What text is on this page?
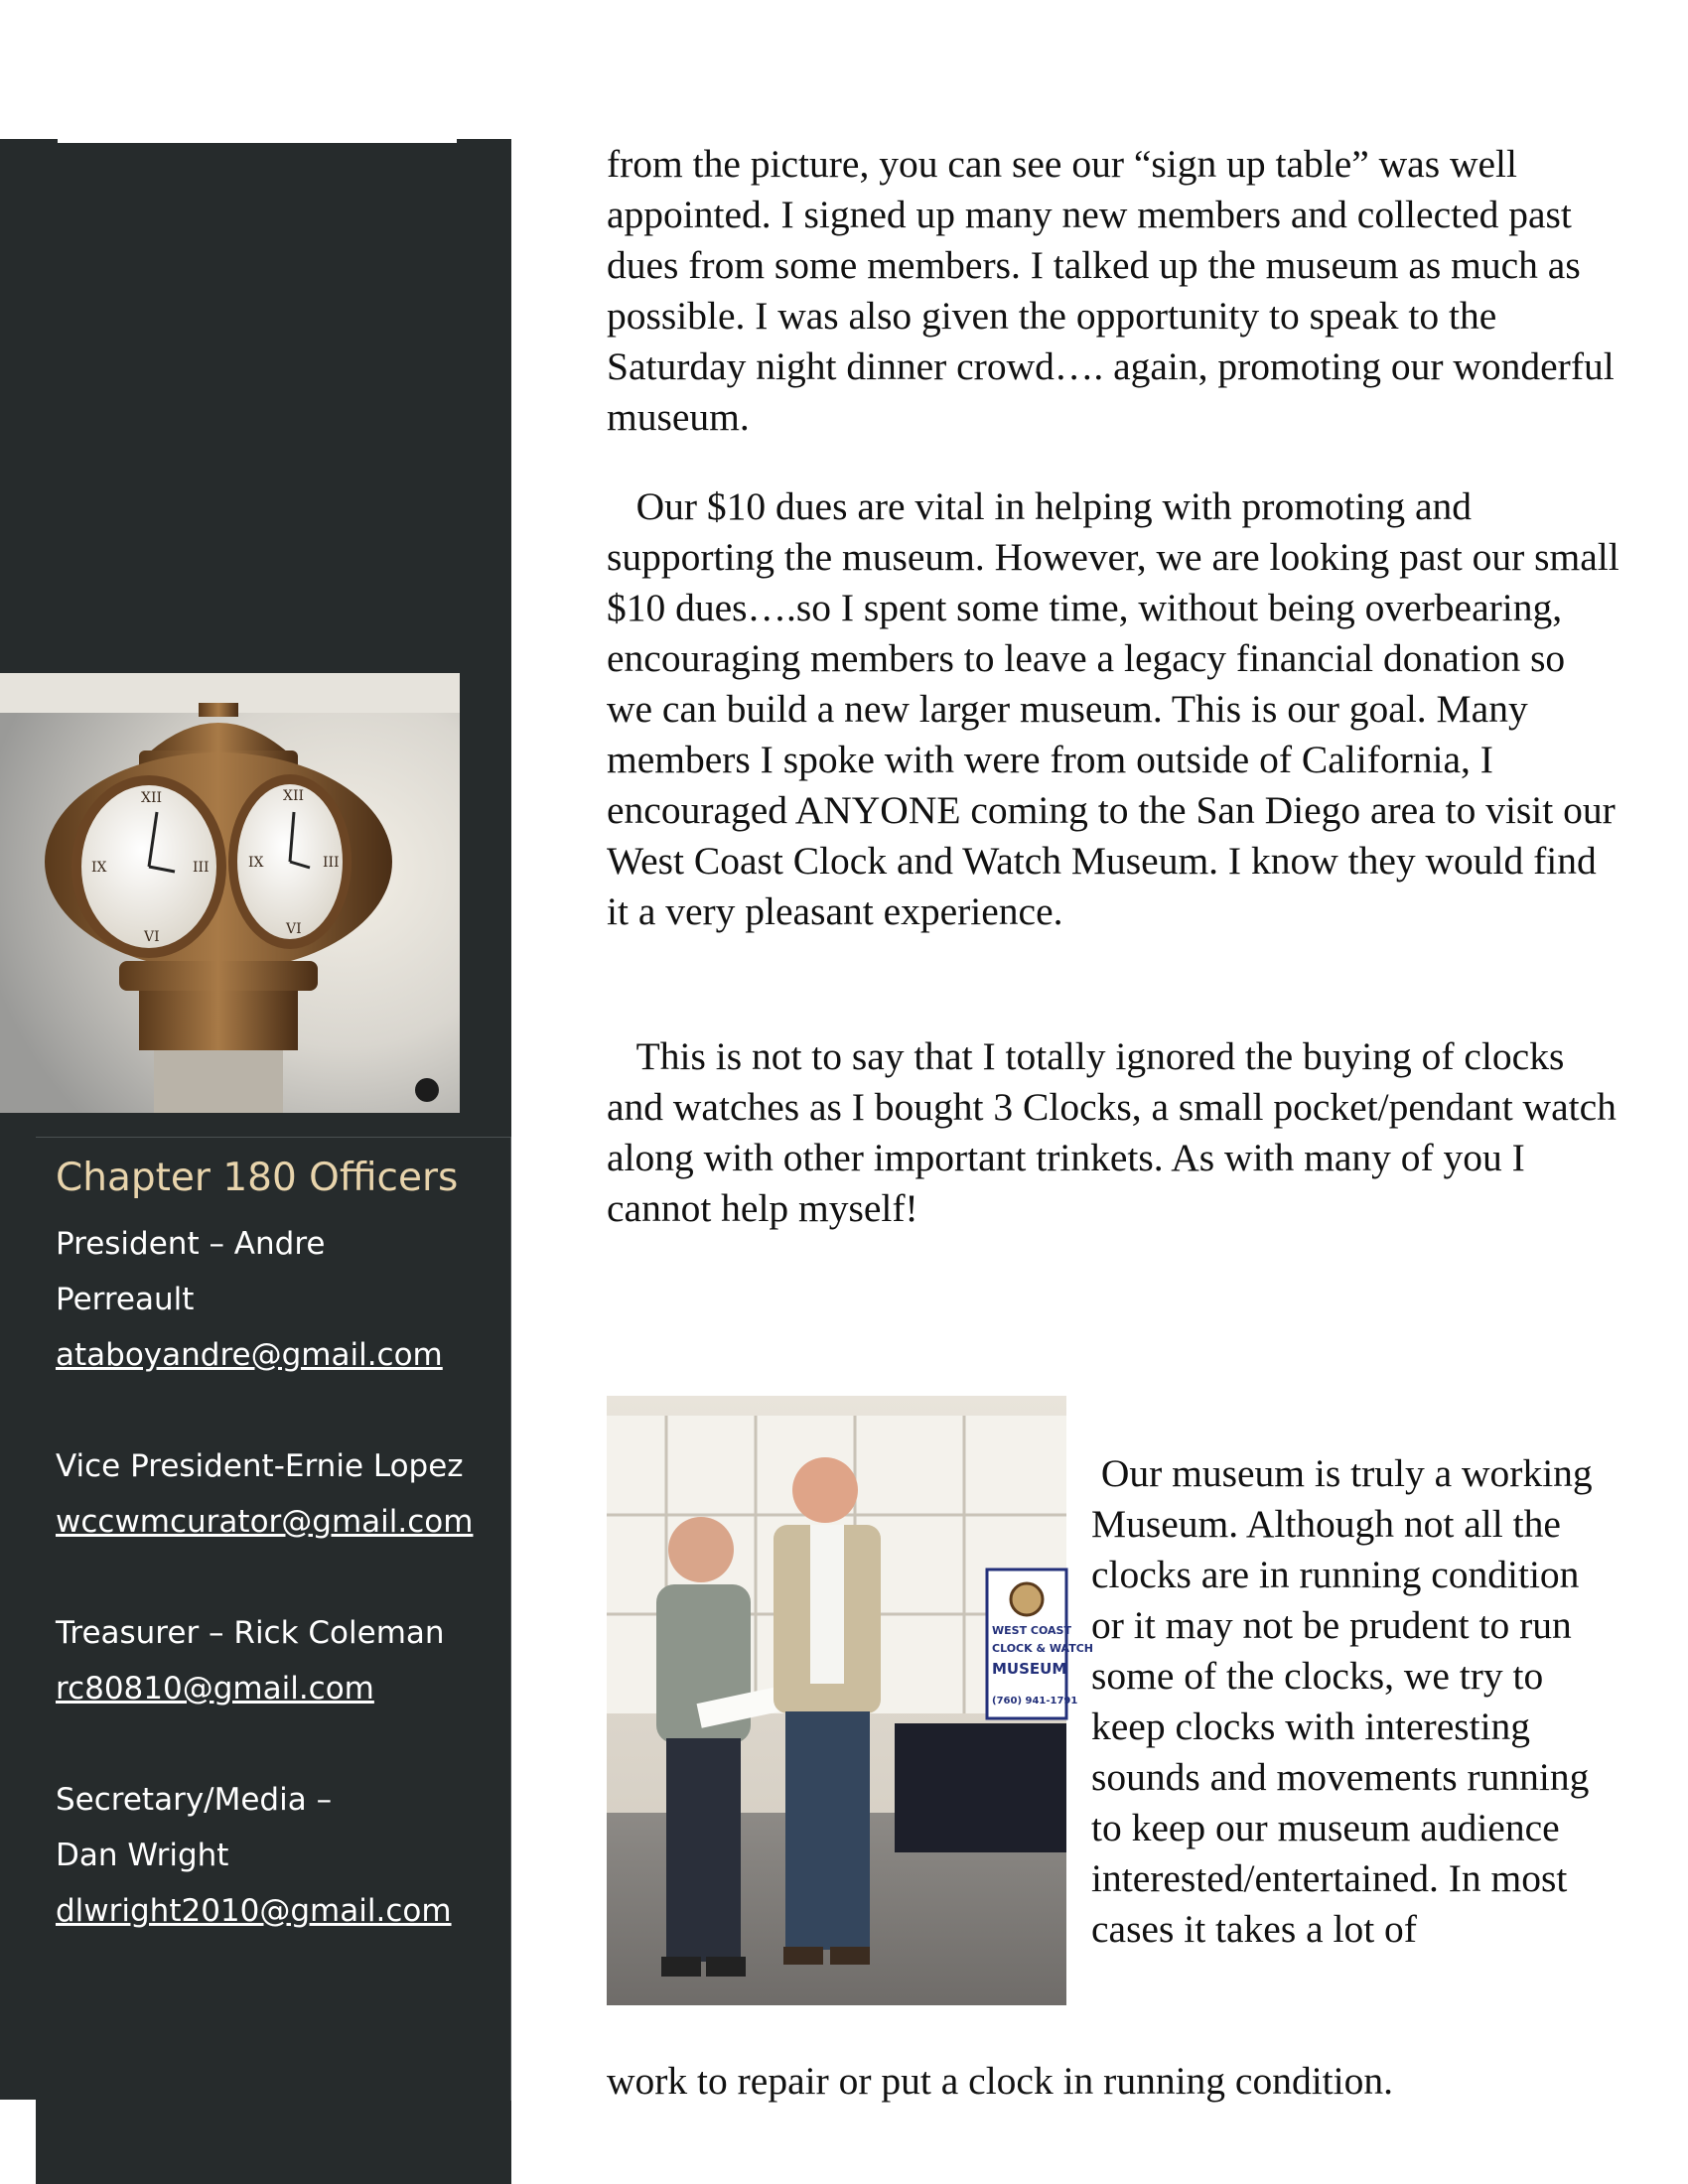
XII
III
VI
IX
XII
III
VI
IX
Chapter 180 Officers
President – Andre
Perreault
ataboyandre@gmail.com
Vice President-Ernie Lopez
wccwmcurator@gmail.com
Treasurer – Rick Coleman
rc80810@gmail.com
Secretary/Media –
Dan Wright
dlwright2010@gmail.com
from the picture, you can see our “sign up table” was well appointed. I signed up many new members and collected past dues from some members. I talked up the museum as much as possible. I was also given the opportunity to speak to the Saturday night dinner crowd…. again, promoting our wonderful museum.
Our $10 dues are vital in helping with promoting and supporting the museum. However, we are looking past our small $10 dues….so I spent some time, without being overbearing, encouraging members to leave a legacy financial donation so we can build a new larger museum. This is our goal. Many members I spoke with were from outside of California, I encouraged ANYONE coming to the San Diego area to visit our West Coast Clock and Watch Museum. I know they would find it a very pleasant experience.
This is not to say that I totally ignored the buying of clocks and watches as I bought 3 Clocks, a small pocket/pendant watch along with other important trinkets. As with many of you I cannot help myself!
WEST COAST
CLOCK & WATCH
MUSEUM
(760) 941-1791
Our museum is truly a working Museum. Although not all the clocks are in running condition or it may not be prudent to run some of the clocks, we try to keep clocks with interesting sounds and movements running to keep our museum audience interested/entertained. In most cases it takes a lot of
work to repair or put a clock in running condition.
